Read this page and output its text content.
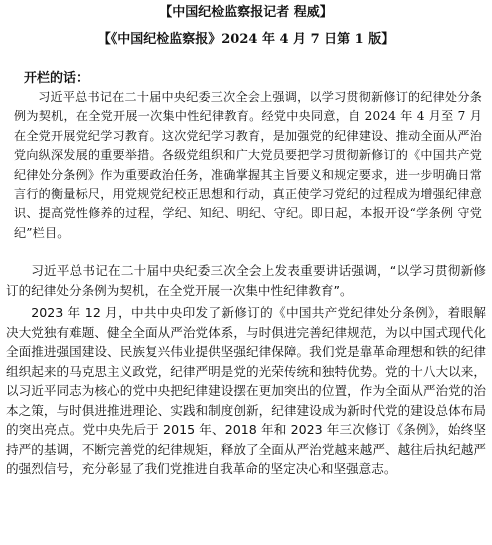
【中国纪检监察报记者 程威】
【《中国纪检监察报》2024 年 4 月 7 日第 1 版】
开栏的话：

习近平总书记在二十届中央纪委三次全会上强调，以学习贯彻新修订的纪律处分条例为契机，在全党开展一次集中性纪律教育。经党中央同意，自 2024 年 4 月至 7 月在全党开展党纪学习教育。这次党纪学习教育，是加强党的纪律建设、推动全面从严治党向纵深发展的重要举措。各级党组织和广大党员要把学习贯彻新修订的《中国共产党纪律处分条例》作为重要政治任务，准确掌握其主旨要义和规定要求，进一步明确日常言行的衡量标尺，用党规党纪校正思想和行动，真正使学习党纪的过程成为增强纪律意识、提高党性修养的过程，学纪、知纪、明纪、守纪。即日起，本报开设“学条例 守党纪”栏目。

习近平总书记在二十届中央纪委三次全会上发表重要讲话强调，“以学习贯彻新修订的纪律处分条例为契机，在全党开展一次集中性纪律教育”。

2023 年 12 月，中共中央印发了新修订的《中国共产党纪律处分条例》，着眼解决大党独有难题、健全全面从严治党体系，与时俱进完善纪律规范，为以中国式现代化全面推进强国建设、民族复兴伟业提供坚强纪律保障。我们党是靠革命理想和铁的纪律组织起来的马克思主义政党，纪律严明是党的光荣传统和独特优势。党的十八大以来，以习近平同志为核心的党中央把纪律建设摆在更加突出的位置，作为全面从严治党的治本之策，与时俱进推进理论、实践和制度创新，纪律建设成为新时代党的建设总体布局的突出亮点。党中央先后于 2015 年、2018 年和 2023 年三次修订《条例》，始终坚持严的基调，不断完善党的纪律规矩，释放了全面从严治党越来越严、越往后执纪越严的强烈信号，充分彰显了我们党推进自我革命的坚定决心和坚强意志。
